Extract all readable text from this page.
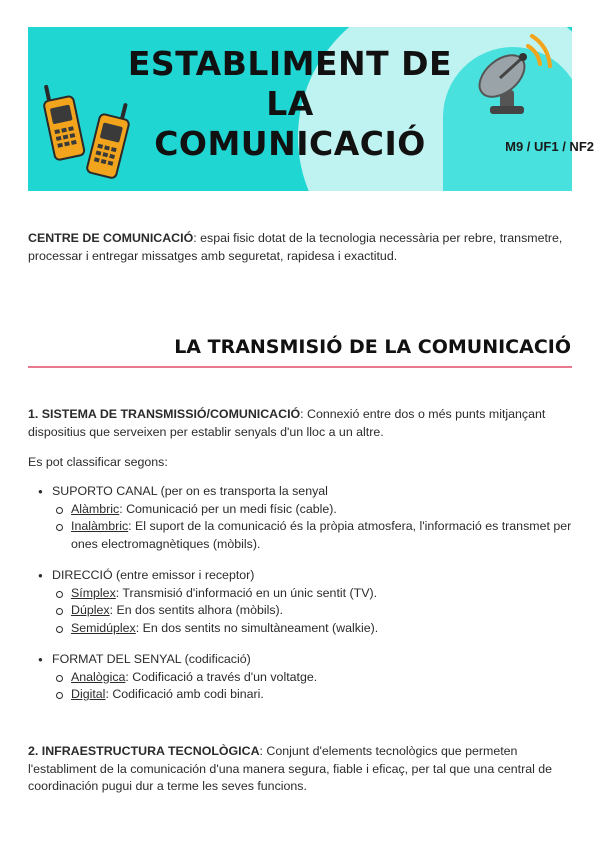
ESTABLIMENT DE LA
COMUNICACIÓ	M9 / UF1 / NF2
CENTRE DE COMUNICACIÓ: espai fisic dotat de la tecnologia necessària per rebre, transmetre, processar i entregar missatges amb seguretat, rapidesa i exactitud.
LA TRANSMISIÓ DE LA COMUNICACIÓ
1. SISTEMA DE TRANSMISSIÓ/COMUNICACIÓ: Connexió entre dos o més punts mitjançant dispositius que serveixen per establir senyals d'un lloc a un altre.
Es pot classificar segons:
● SUPORTO CANAL (per on es transporta la senyal
Alàmbric: Comunicació per un medi físic (cable).
Inalàmbric: El suport de la comunicació és la pròpia atmosfera, l'informació es transmet per ones electromagnètiques (mòbils).
● DIRECCIÓ (entre emissor i receptor)
Símplex: Transmisió d'informació en un únic sentit (TV).
Dúplex: En dos sentits alhora (mòbils).
Semidúplex: En dos sentits no simultàneament (walkie).
● FORMAT DEL SENYAL (codificació)
Analògica: Codificació a través d'un voltatge.
Digital: Codificació amb codi binari.
2. INFRAESTRUCTURA TECNOLÒGICA: Conjunt d'elements tecnològics que permeten l'establiment de la comunicación d'una manera segura, fiable i eficaç, per tal que una central de coordinación pugui dur a terme les seves funcions.
